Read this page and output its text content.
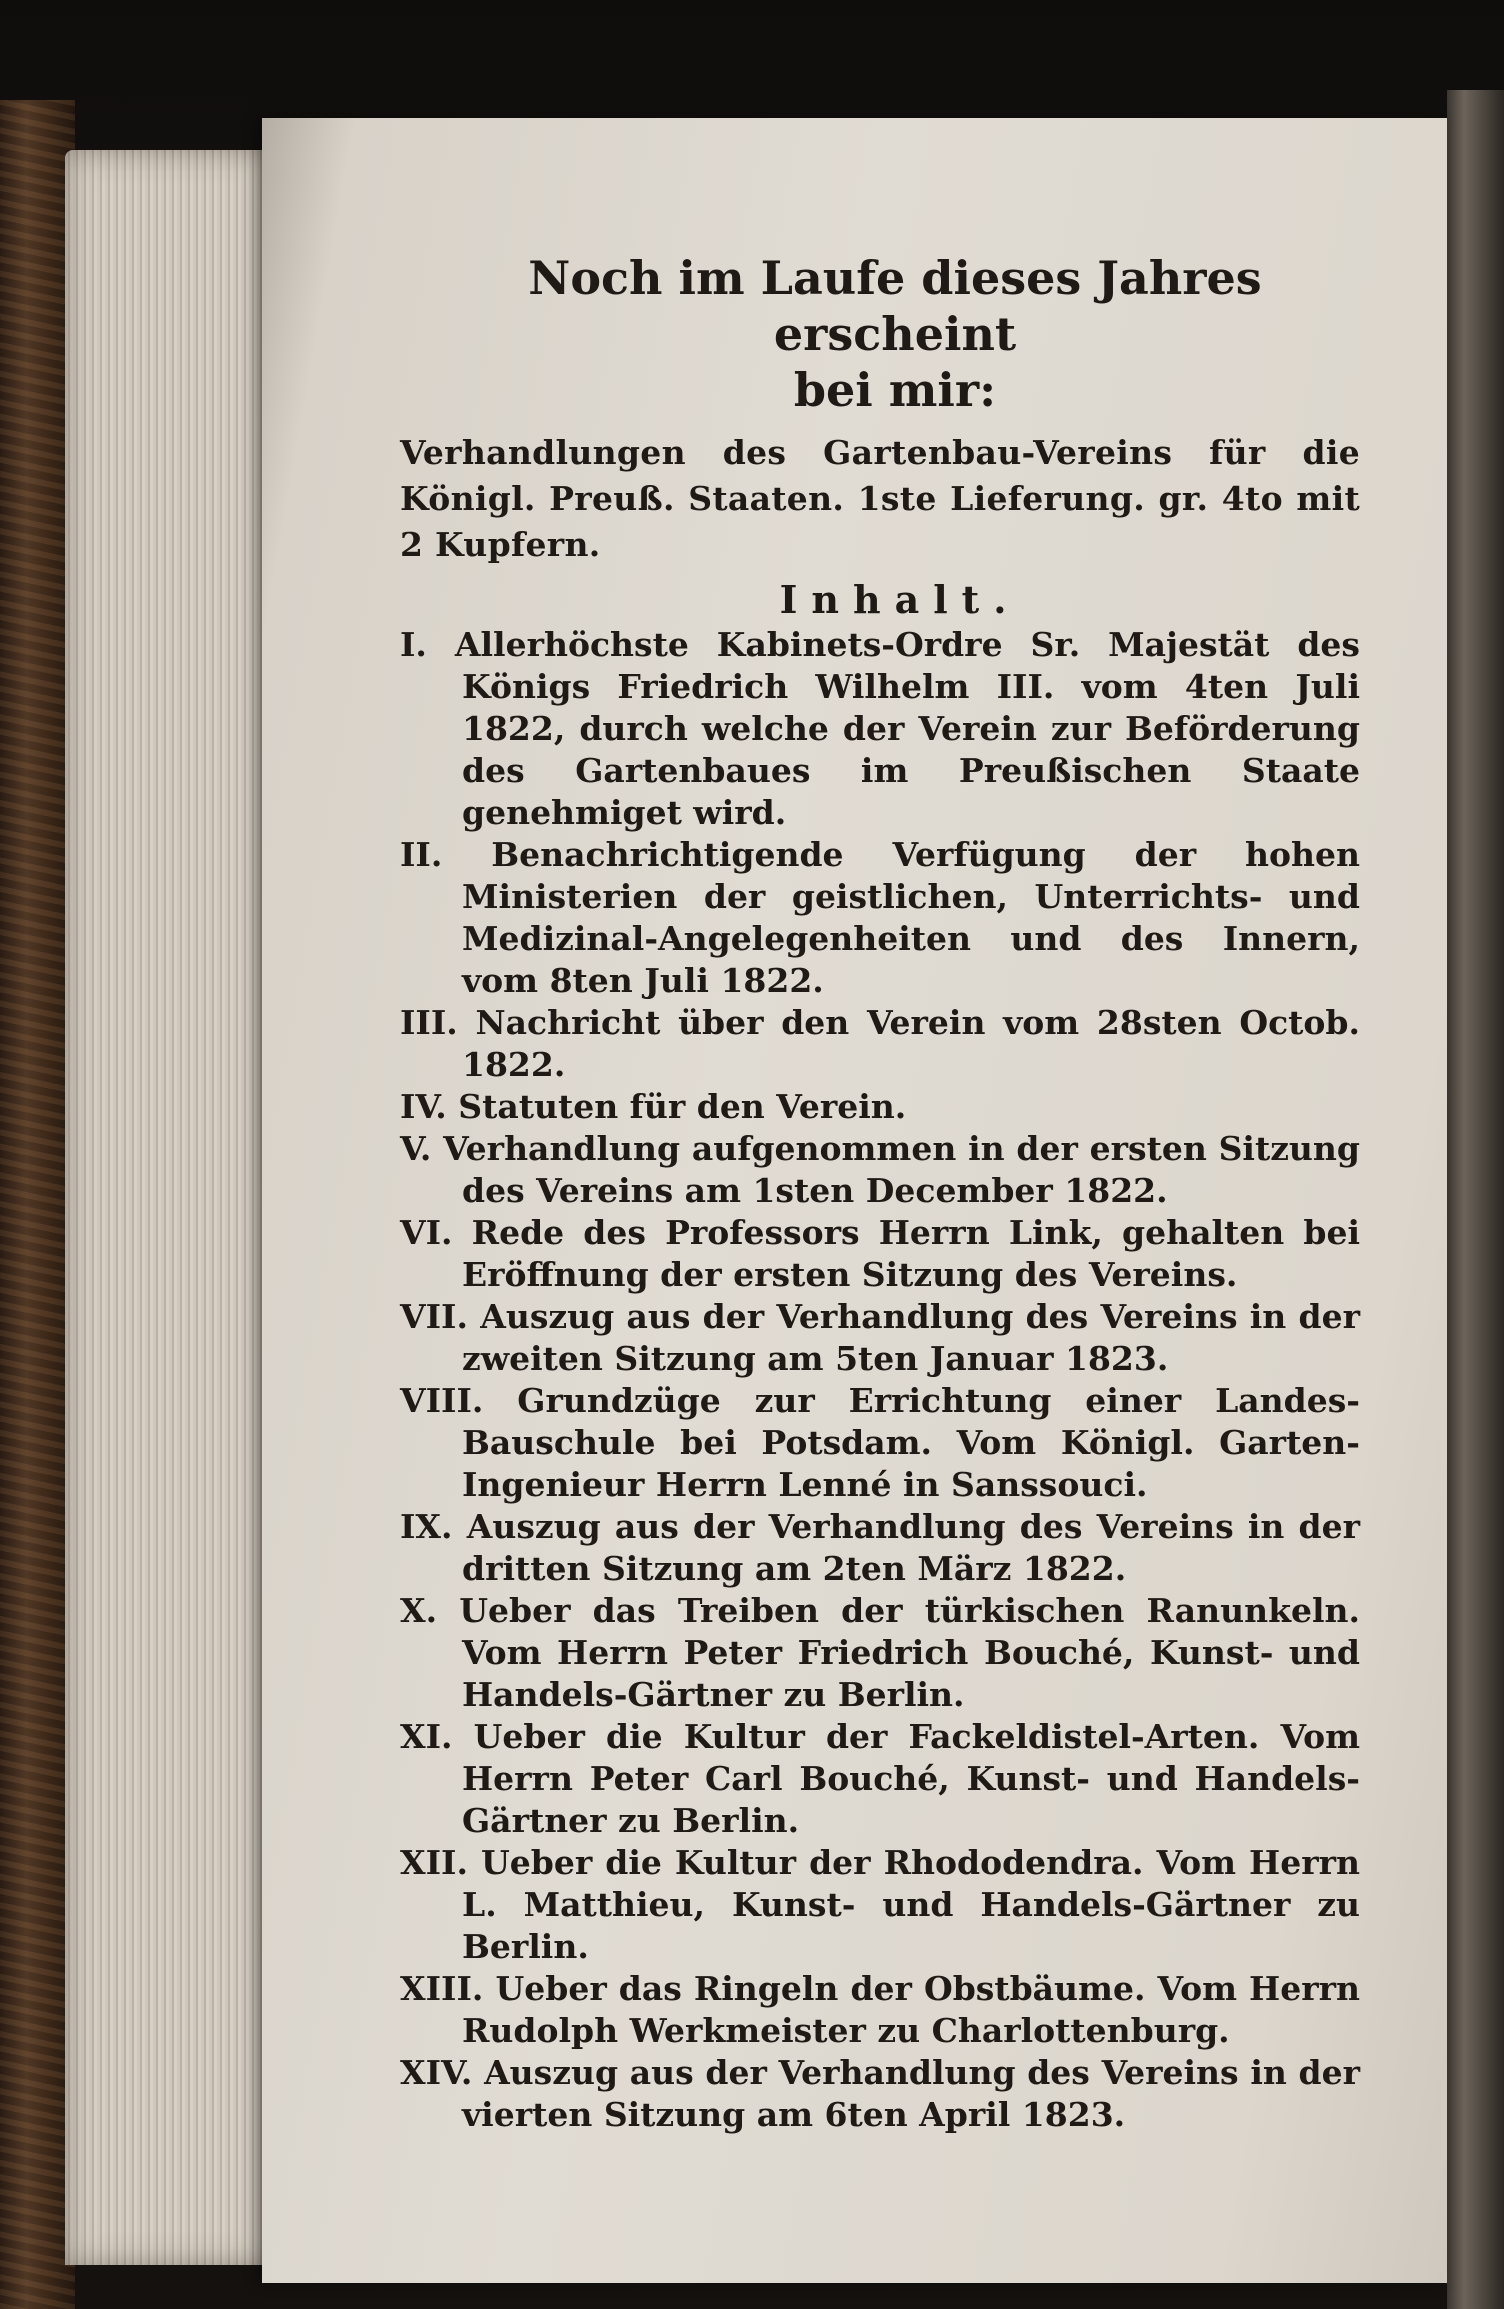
Noch im Laufe dieses Jahres erscheint
bei mir:
Verhandlungen des Gartenbau-Vereins für die Königl. Preuß. Staaten. 1ste Lieferung. gr. 4to mit 2 Kupfern.
Inhalt.
I. Allerhöchste Kabinets-Ordre Sr. Majestät des Königs Friedrich Wilhelm III. vom 4ten Juli 1822, durch welche der Verein zur Beförderung des Gartenbaues im Preußischen Staate genehmiget wird.
II. Benachrichtigende Verfügung der hohen Ministerien der geistlichen, Unterrichts- und Medizinal-Angelegenheiten und des Innern, vom 8ten Juli 1822.
III. Nachricht über den Verein vom 28sten Octob. 1822.
IV. Statuten für den Verein.
V. Verhandlung aufgenommen in der ersten Sitzung des Vereins am 1sten December 1822.
VI. Rede des Professors Herrn Link, gehalten bei Eröffnung der ersten Sitzung des Vereins.
VII. Auszug aus der Verhandlung des Vereins in der zweiten Sitzung am 5ten Januar 1823.
VIII. Grundzüge zur Errichtung einer Landes-Bauschule bei Potsdam. Vom Königl. Garten-Ingenieur Herrn Lenné in Sanssouci.
IX. Auszug aus der Verhandlung des Vereins in der dritten Sitzung am 2ten März 1822.
X. Ueber das Treiben der türkischen Ranunkeln. Vom Herrn Peter Friedrich Bouché, Kunst- und Handels-Gärtner zu Berlin.
XI. Ueber die Kultur der Fackeldistel-Arten. Vom Herrn Peter Carl Bouché, Kunst- und Handels-Gärtner zu Berlin.
XII. Ueber die Kultur der Rhododendra. Vom Herrn L. Matthieu, Kunst- und Handels-Gärtner zu Berlin.
XIII. Ueber das Ringeln der Obstbäume. Vom Herrn Rudolph Werkmeister zu Charlottenburg.
XIV. Auszug aus der Verhandlung des Vereins in der vierten Sitzung am 6ten April 1823.
